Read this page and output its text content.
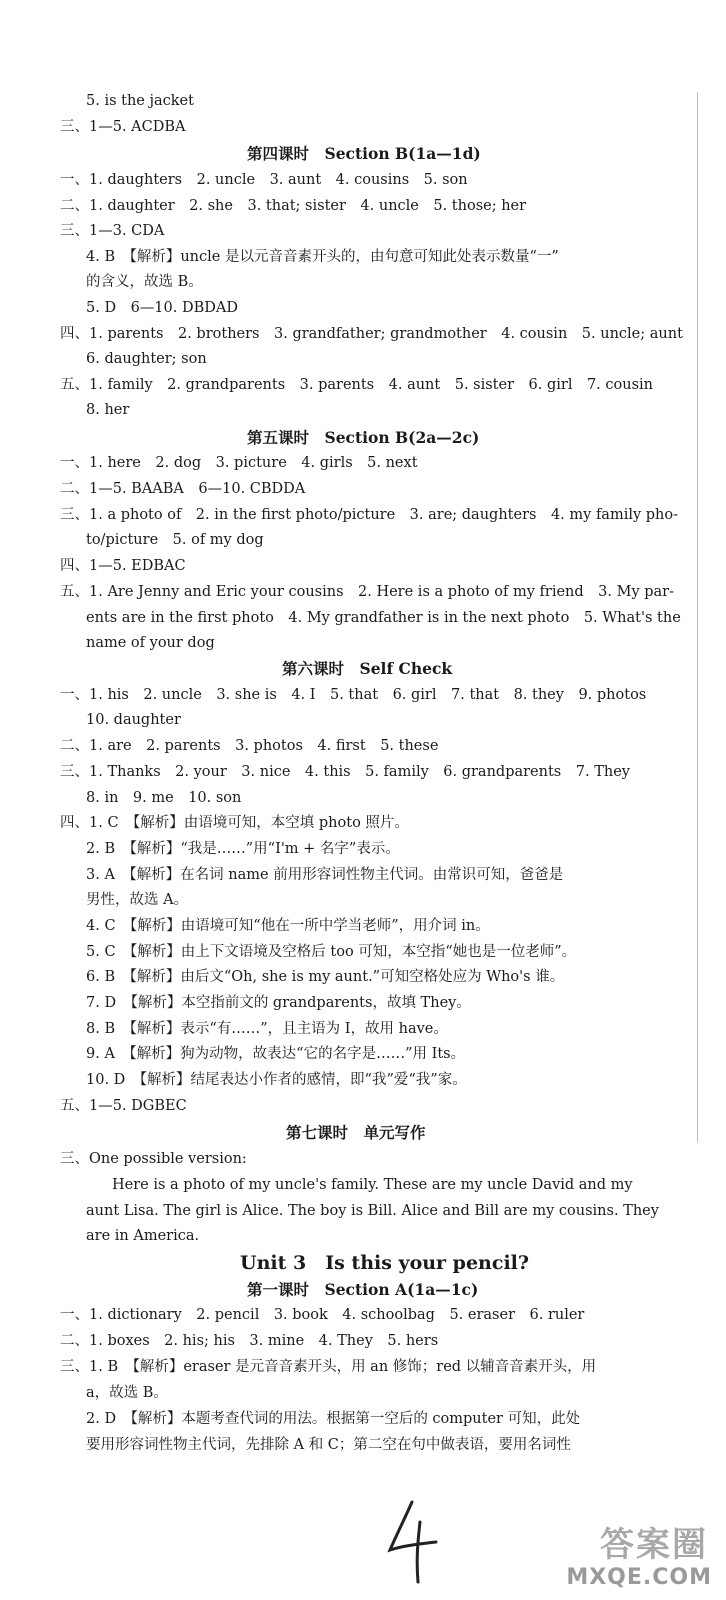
5. is the jacket
三、1—5. ACDBA
第四课时　Section B(1a—1d)
一、1. daughters　2. uncle　3. aunt　4. cousins　5. son
二、1. daughter　2. she　3. that; sister　4. uncle　5. those; her
三、1—3. CDA
4. B　【解析】uncle 是以元音音素开头的，由句意可知此处表示数量“一”
的含义，故选 B。
5. D　6—10. DBDAD
四、1. parents　2. brothers　3. grandfather; grandmother　4. cousin　5. uncle; aunt
6. daughter; son
五、1. family　2. grandparents　3. parents　4. aunt　5. sister　6. girl　7. cousin
8. her
第五课时　Section B(2a—2c)
一、1. here　2. dog　3. picture　4. girls　5. next
二、1—5. BAABA　6—10. CBDDA
三、1. a photo of　2. in the first photo/picture　3. are; daughters　4. my family pho-
to/picture　5. of my dog
四、1—5. EDBAC
五、1. Are Jenny and Eric your cousins　2. Here is a photo of my friend　3. My par-
ents are in the first photo　4. My grandfather is in the next photo　5. What's the
name of your dog
第六课时　Self Check
一、1. his　2. uncle　3. she is　4. I　5. that　6. girl　7. that　8. they　9. photos
10. daughter
二、1. are　2. parents　3. photos　4. first　5. these
三、1. Thanks　2. your　3. nice　4. this　5. family　6. grandparents　7. They
8. in　9. me　10. son
四、1. C　【解析】由语境可知，本空填 photo 照片。
2. B　【解析】“我是……”用“I'm + 名字”表示。
3. A　【解析】在名词 name 前用形容词性物主代词。由常识可知，爸爸是
男性，故选 A。
4. C　【解析】由语境可知“他在一所中学当老师”，用介词 in。
5. C　【解析】由上下文语境及空格后 too 可知，本空指“她也是一位老师”。
6. B　【解析】由后文“Oh, she is my aunt.”可知空格处应为 Who's 谁。
7. D　【解析】本空指前文的 grandparents，故填 They。
8. B　【解析】表示“有……”，且主语为 I，故用 have。
9. A　【解析】狗为动物，故表达“它的名字是……”用 Its。
10. D　【解析】结尾表达小作者的感情，即“我”爱“我”家。
五、1—5. DGBEC
第七课时　单元写作
三、One possible version:
Here is a photo of my uncle's family. These are my uncle David and my
aunt Lisa. The girl is Alice. The boy is Bill. Alice and Bill are my cousins. They
are in America.
Unit 3　Is this your pencil?
第一课时　Section A(1a—1c)
一、1. dictionary　2. pencil　3. book　4. schoolbag　5. eraser　6. ruler
二、1. boxes　2. his; his　3. mine　4. They　5. hers
三、1. B　【解析】eraser 是元音音素开头，用 an 修饰；red 以辅音音素开头，用
a，故选 B。
2. D　【解析】本题考查代词的用法。根据第一空后的 computer 可知，此处
要用形容词性物主代词，先排除 A 和 C；第二空在句中做表语，要用名词性
答案圈
MXQE.COM
